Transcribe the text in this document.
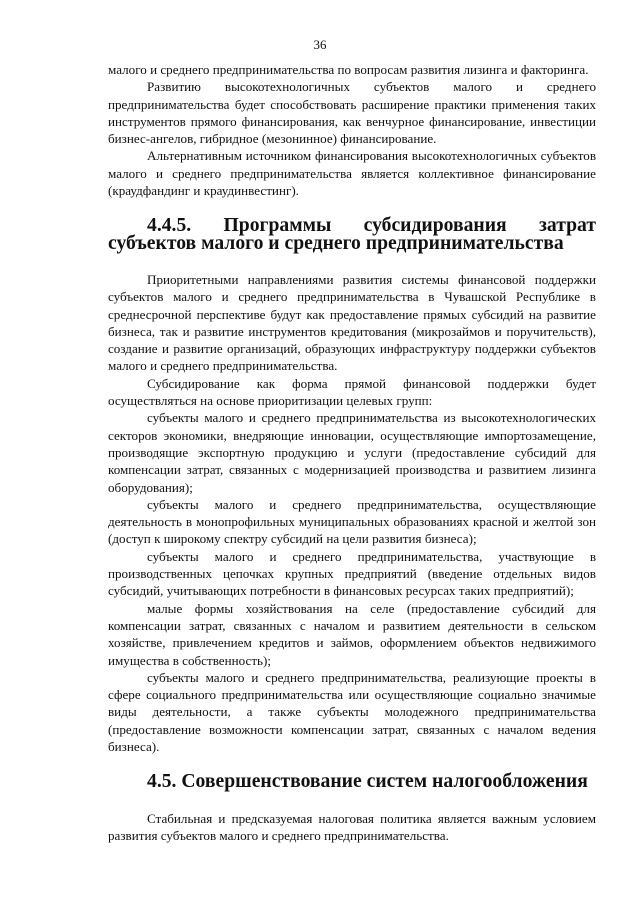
36

малого и среднего предпринимательства по вопросам развития лизинга и факторинга.

Развитию высокотехнологичных субъектов малого и среднего предпринимательства будет способствовать расширение практики применения таких инструментов прямого финансирования, как венчурное финансирование, инвестиции бизнес-ангелов, гибридное (мезонинное) финансирование.

Альтернативным источником финансирования высокотехнологичных субъектов малого и среднего предпринимательства является коллективное финансирование (краудфандинг и краудинвестинг).

4.4.5. Программы субсидирования затрат субъектов малого и среднего предпринимательства

Приоритетными направлениями развития системы финансовой поддержки субъектов малого и среднего предпринимательства в Чувашской Республике в среднесрочной перспективе будут как предоставление прямых субсидий на развитие бизнеса, так и развитие инструментов кредитования (микрозаймов и поручительств), создание и развитие организаций, образующих инфраструктуру поддержки субъектов малого и среднего предпринимательства.

Субсидирование как форма прямой финансовой поддержки будет осуществляться на основе приоритизации целевых групп:

субъекты малого и среднего предпринимательства из высокотехнологических секторов экономики, внедряющие инновации, осуществляющие импортозамещение, производящие экспортную продукцию и услуги (предоставление субсидий для компенсации затрат, связанных с модернизацией производства и развитием лизинга оборудования);

субъекты малого и среднего предпринимательства, осуществляющие деятельность в монопрофильных муниципальных образованиях красной и желтой зон (доступ к широкому спектру субсидий на цели развития бизнеса);

субъекты малого и среднего предпринимательства, участвующие в производственных цепочках крупных предприятий (введение отдельных видов субсидий, учитывающих потребности в финансовых ресурсах таких предприятий);

малые формы хозяйствования на селе (предоставление субсидий для компенсации затрат, связанных с началом и развитием деятельности в сельском хозяйстве, привлечением кредитов и займов, оформлением объектов недвижимого имущества в собственность);

субъекты малого и среднего предпринимательства, реализующие проекты в сфере социального предпринимательства или осуществляющие социально значимые виды деятельности, а также субъекты молодежного предпринимательства (предоставление возможности компенсации затрат, связанных с началом ведения бизнеса).

4.5. Совершенствование систем налогообложения

Стабильная и предсказуемая налоговая политика является важным условием развития субъектов малого и среднего предпринимательства.
